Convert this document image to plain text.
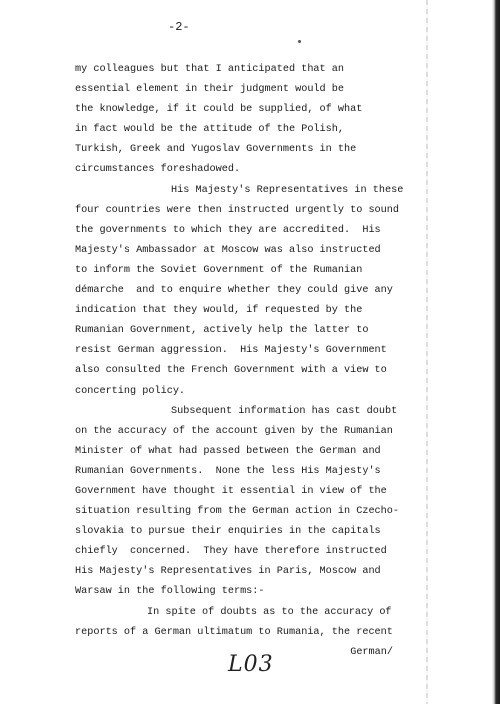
-2-
my colleagues but that I anticipated that an
essential element in their judgment would be
the knowledge, if it could be supplied, of what
in fact would be the attitude of the Polish,
Turkish, Greek and Yugoslav Governments in the
circumstances foreshadowed.
His Majesty's Representatives in these
four countries were then instructed urgently to sound
the governments to which they are accredited.  His
Majesty's Ambassador at Moscow was also instructed
to inform the Soviet Government of the Rumanian
démarche  and to enquire whether they could give any
indication that they would, if requested by the
Rumanian Government, actively help the latter to
resist German aggression.  His Majesty's Government
also consulted the French Government with a view to
concerting policy.
Subsequent information has cast doubt
on the accuracy of the account given by the Rumanian
Minister of what had passed between the German and
Rumanian Governments.  None the less His Majesty's
Government have thought it essential in view of the
situation resulting from the German action in Czecho-
slovakia to pursue their enquiries in the capitals
chiefly  concerned.  They have therefore instructed
His Majesty's Representatives in Paris, Moscow and
Warsaw in the following terms:-
In spite of doubts as to the accuracy of
reports of a German ultimatum to Rumania, the recent
German/
L03
